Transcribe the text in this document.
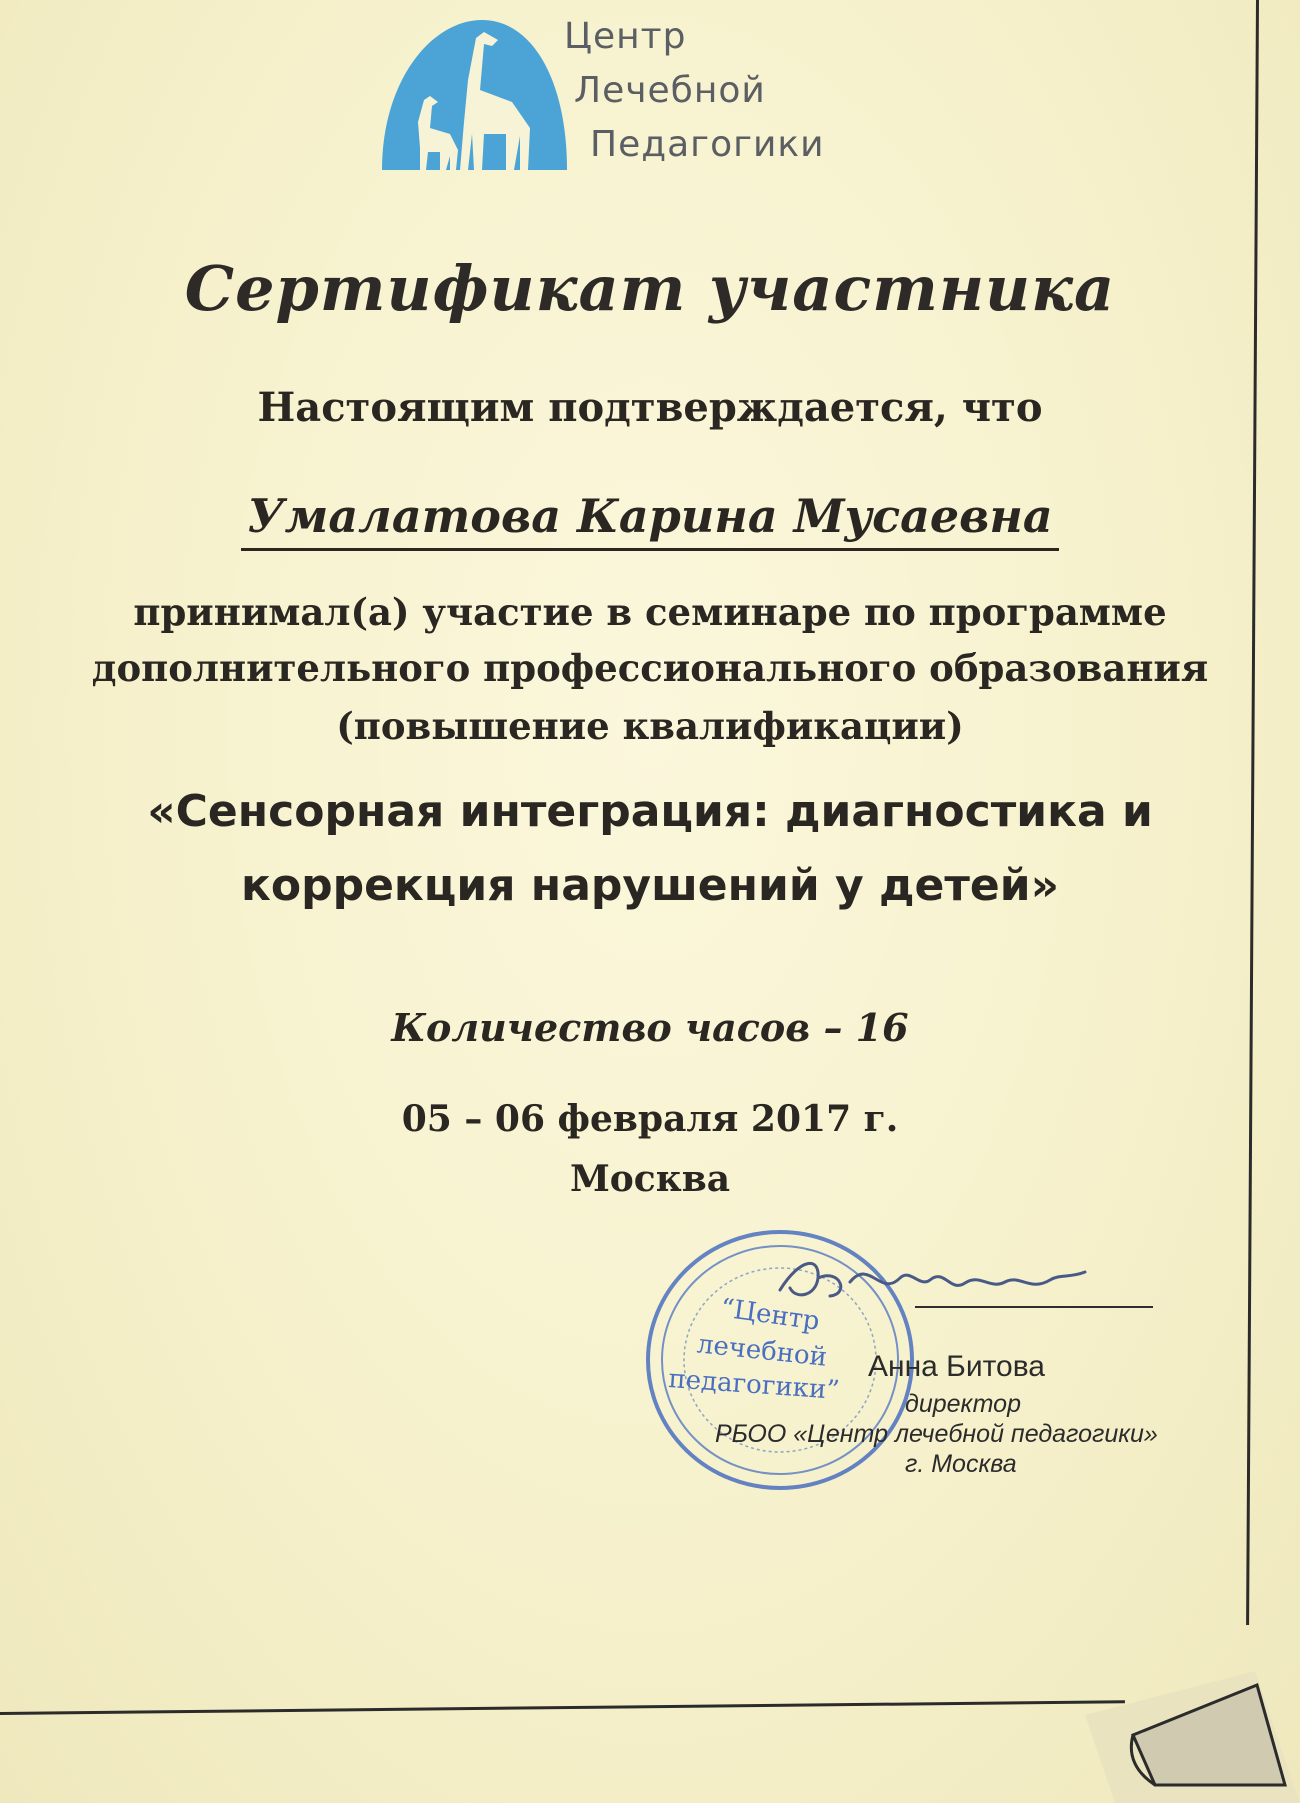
Центр
Лечебной
Педагогики
Сертификат участника
Настоящим подтверждается, что
Умалатова Карина Мусаевна
принимал(а) участие в семинаре по программе
дополнительного профессионального образования
(повышение квалификации)
«Сенсорная интеграция: диагностика и
коррекция нарушений у детей»
Количество часов – 16
05 – 06 февраля 2017 г.
Москва
“Центр
лечебной
педагогики” Анна Битова
директор
РБОО «Центр лечебной педагогики»
г. Москва
